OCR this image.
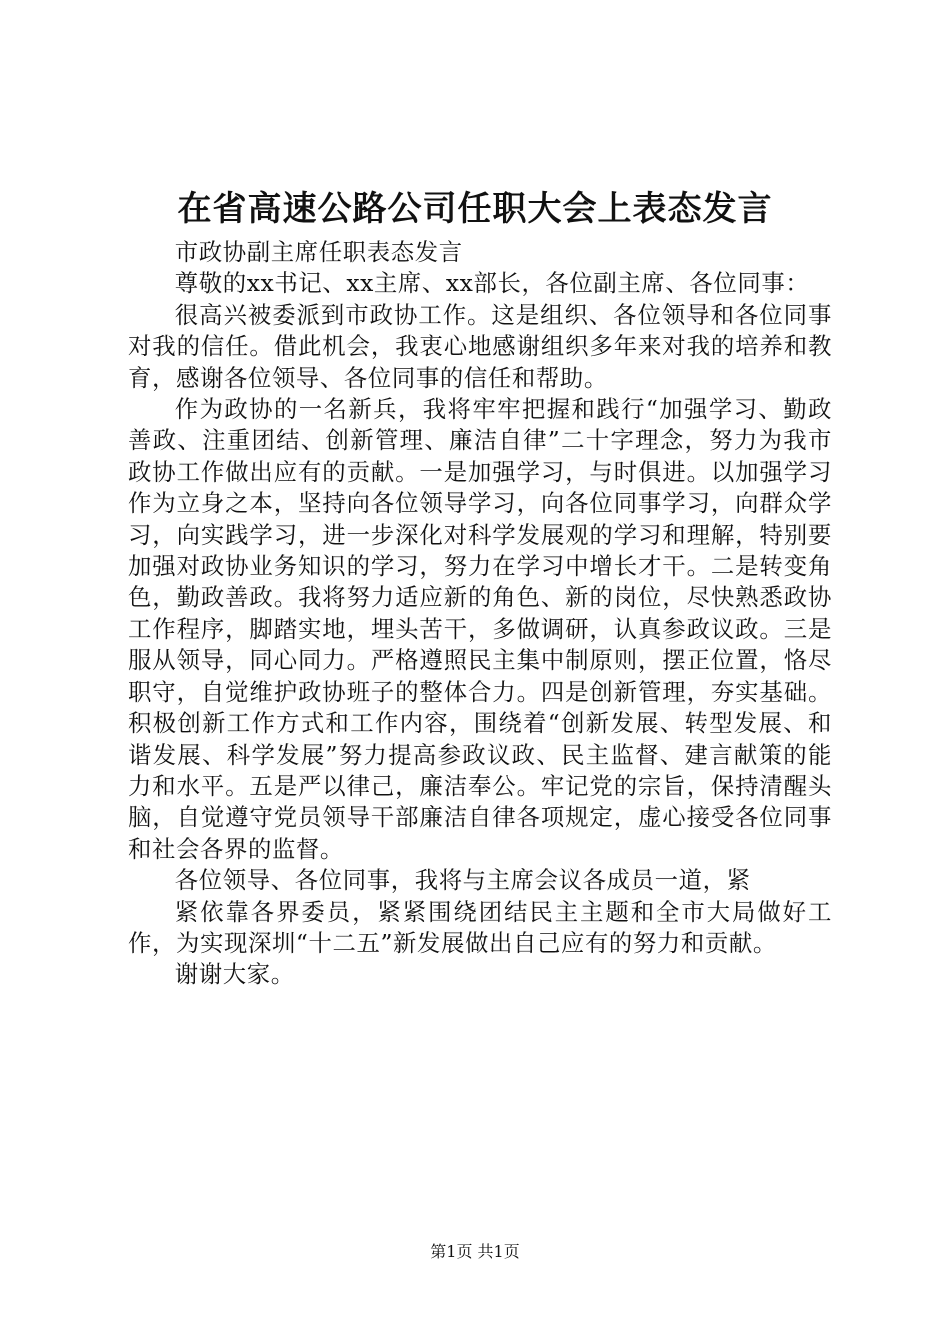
在省高速公路公司任职大会上表态发言

市政协副主席任职表态发言

尊敬的xx书记、xx主席、xx部长，各位副主席、各位同事：

很高兴被委派到市政协工作。这是组织、各位领导和各位同事对我的信任。借此机会，我衷心地感谢组织多年来对我的培养和教育，感谢各位领导、各位同事的信任和帮助。

作为政协的一名新兵，我将牢牢把握和践行“加强学习、勤政善政、注重团结、创新管理、廉洁自律”二十字理念，努力为我市政协工作做出应有的贡献。一是加强学习，与时俱进。以加强学习作为立身之本，坚持向各位领导学习，向各位同事学习，向群众学习，向实践学习，进一步深化对科学发展观的学习和理解，特别要加强对政协业务知识的学习，努力在学习中增长才干。二是转变角色，勤政善政。我将努力适应新的角色、新的岗位，尽快熟悉政协工作程序，脚踏实地，埋头苦干，多做调研，认真参政议政。三是服从领导，同心同力。严格遵照民主集中制原则，摆正位置，恪尽职守，自觉维护政协班子的整体合力。四是创新管理，夯实基础。积极创新工作方式和工作内容，围绕着“创新发展、转型发展、和谐发展、科学发展”努力提高参政议政、民主监督、建言献策的能力和水平。五是严以律己，廉洁奉公。牢记党的宗旨，保持清醒头脑，自觉遵守党员领导干部廉洁自律各项规定，虚心接受各位同事和社会各界的监督。

各位领导、各位同事，我将与主席会议各成员一道，紧

紧依靠各界委员，紧紧围绕团结民主主题和全市大局做好工作，为实现深圳“十二五”新发展做出自己应有的努力和贡献。

谢谢大家。

第1页 共1页
